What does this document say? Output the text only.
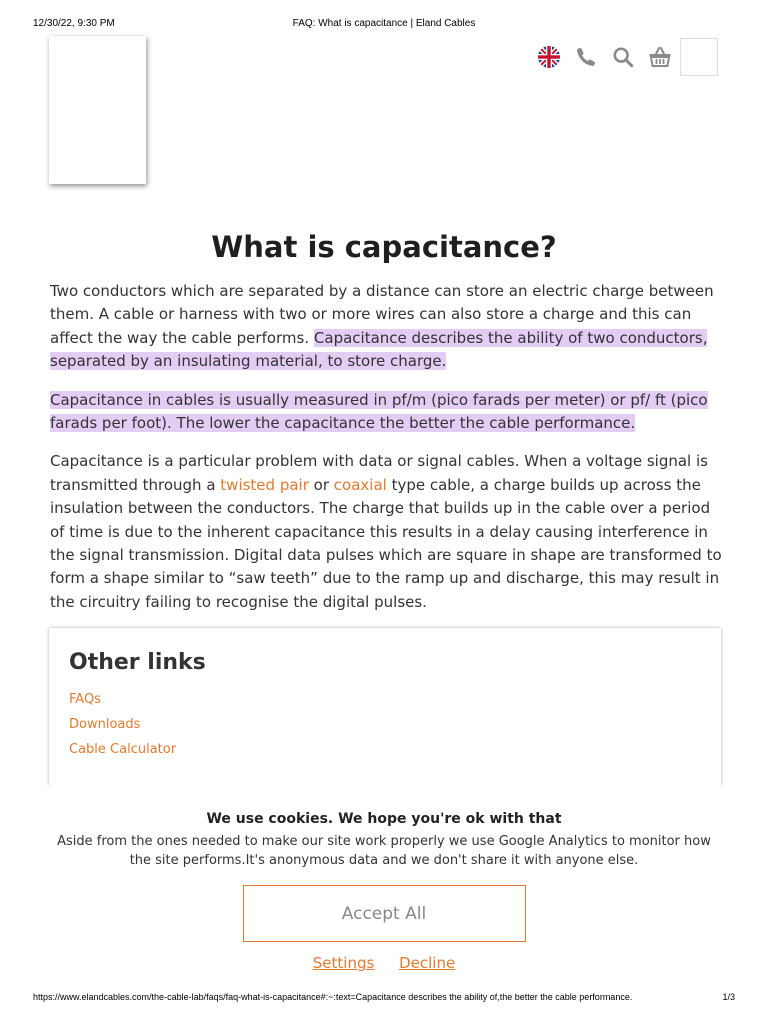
12/30/22, 9:30 PM	FAQ: What is capacitance | Eland Cables
What is capacitance?

Two conductors which are separated by a distance can store an electric charge between them. A cable or harness with two or more wires can also store a charge and this can affect the way the cable performs. Capacitance describes the ability of two conductors, separated by an insulating material, to store charge.

Capacitance in cables is usually measured in pf/m (pico farads per meter) or pf/ ft (pico farads per foot). The lower the capacitance the better the cable performance.

Capacitance is a particular problem with data or signal cables. When a voltage signal is transmitted through a twisted pair or coaxial type cable, a charge builds up across the insulation between the conductors. The charge that builds up in the cable over a period of time is due to the inherent capacitance this results in a delay causing interference in the signal transmission. Digital data pulses which are square in shape are transformed to form a shape similar to “saw teeth” due to the ramp up and discharge, this may result in the circuitry failing to recognise the digital pulses.

Other links
FAQs
Downloads
Cable Calculator
We use cookies. We hope you're ok with that
Aside from the ones needed to make our site work properly we use Google Analytics to monitor how the site performs.It's anonymous data and we don't share it with anyone else.
Accept All
Settings Decline
https://www.elandcables.com/the-cable-lab/faqs/faq-what-is-capacitance#:~:text=Capacitance describes the ability of,the better the cable performance.	1/3
